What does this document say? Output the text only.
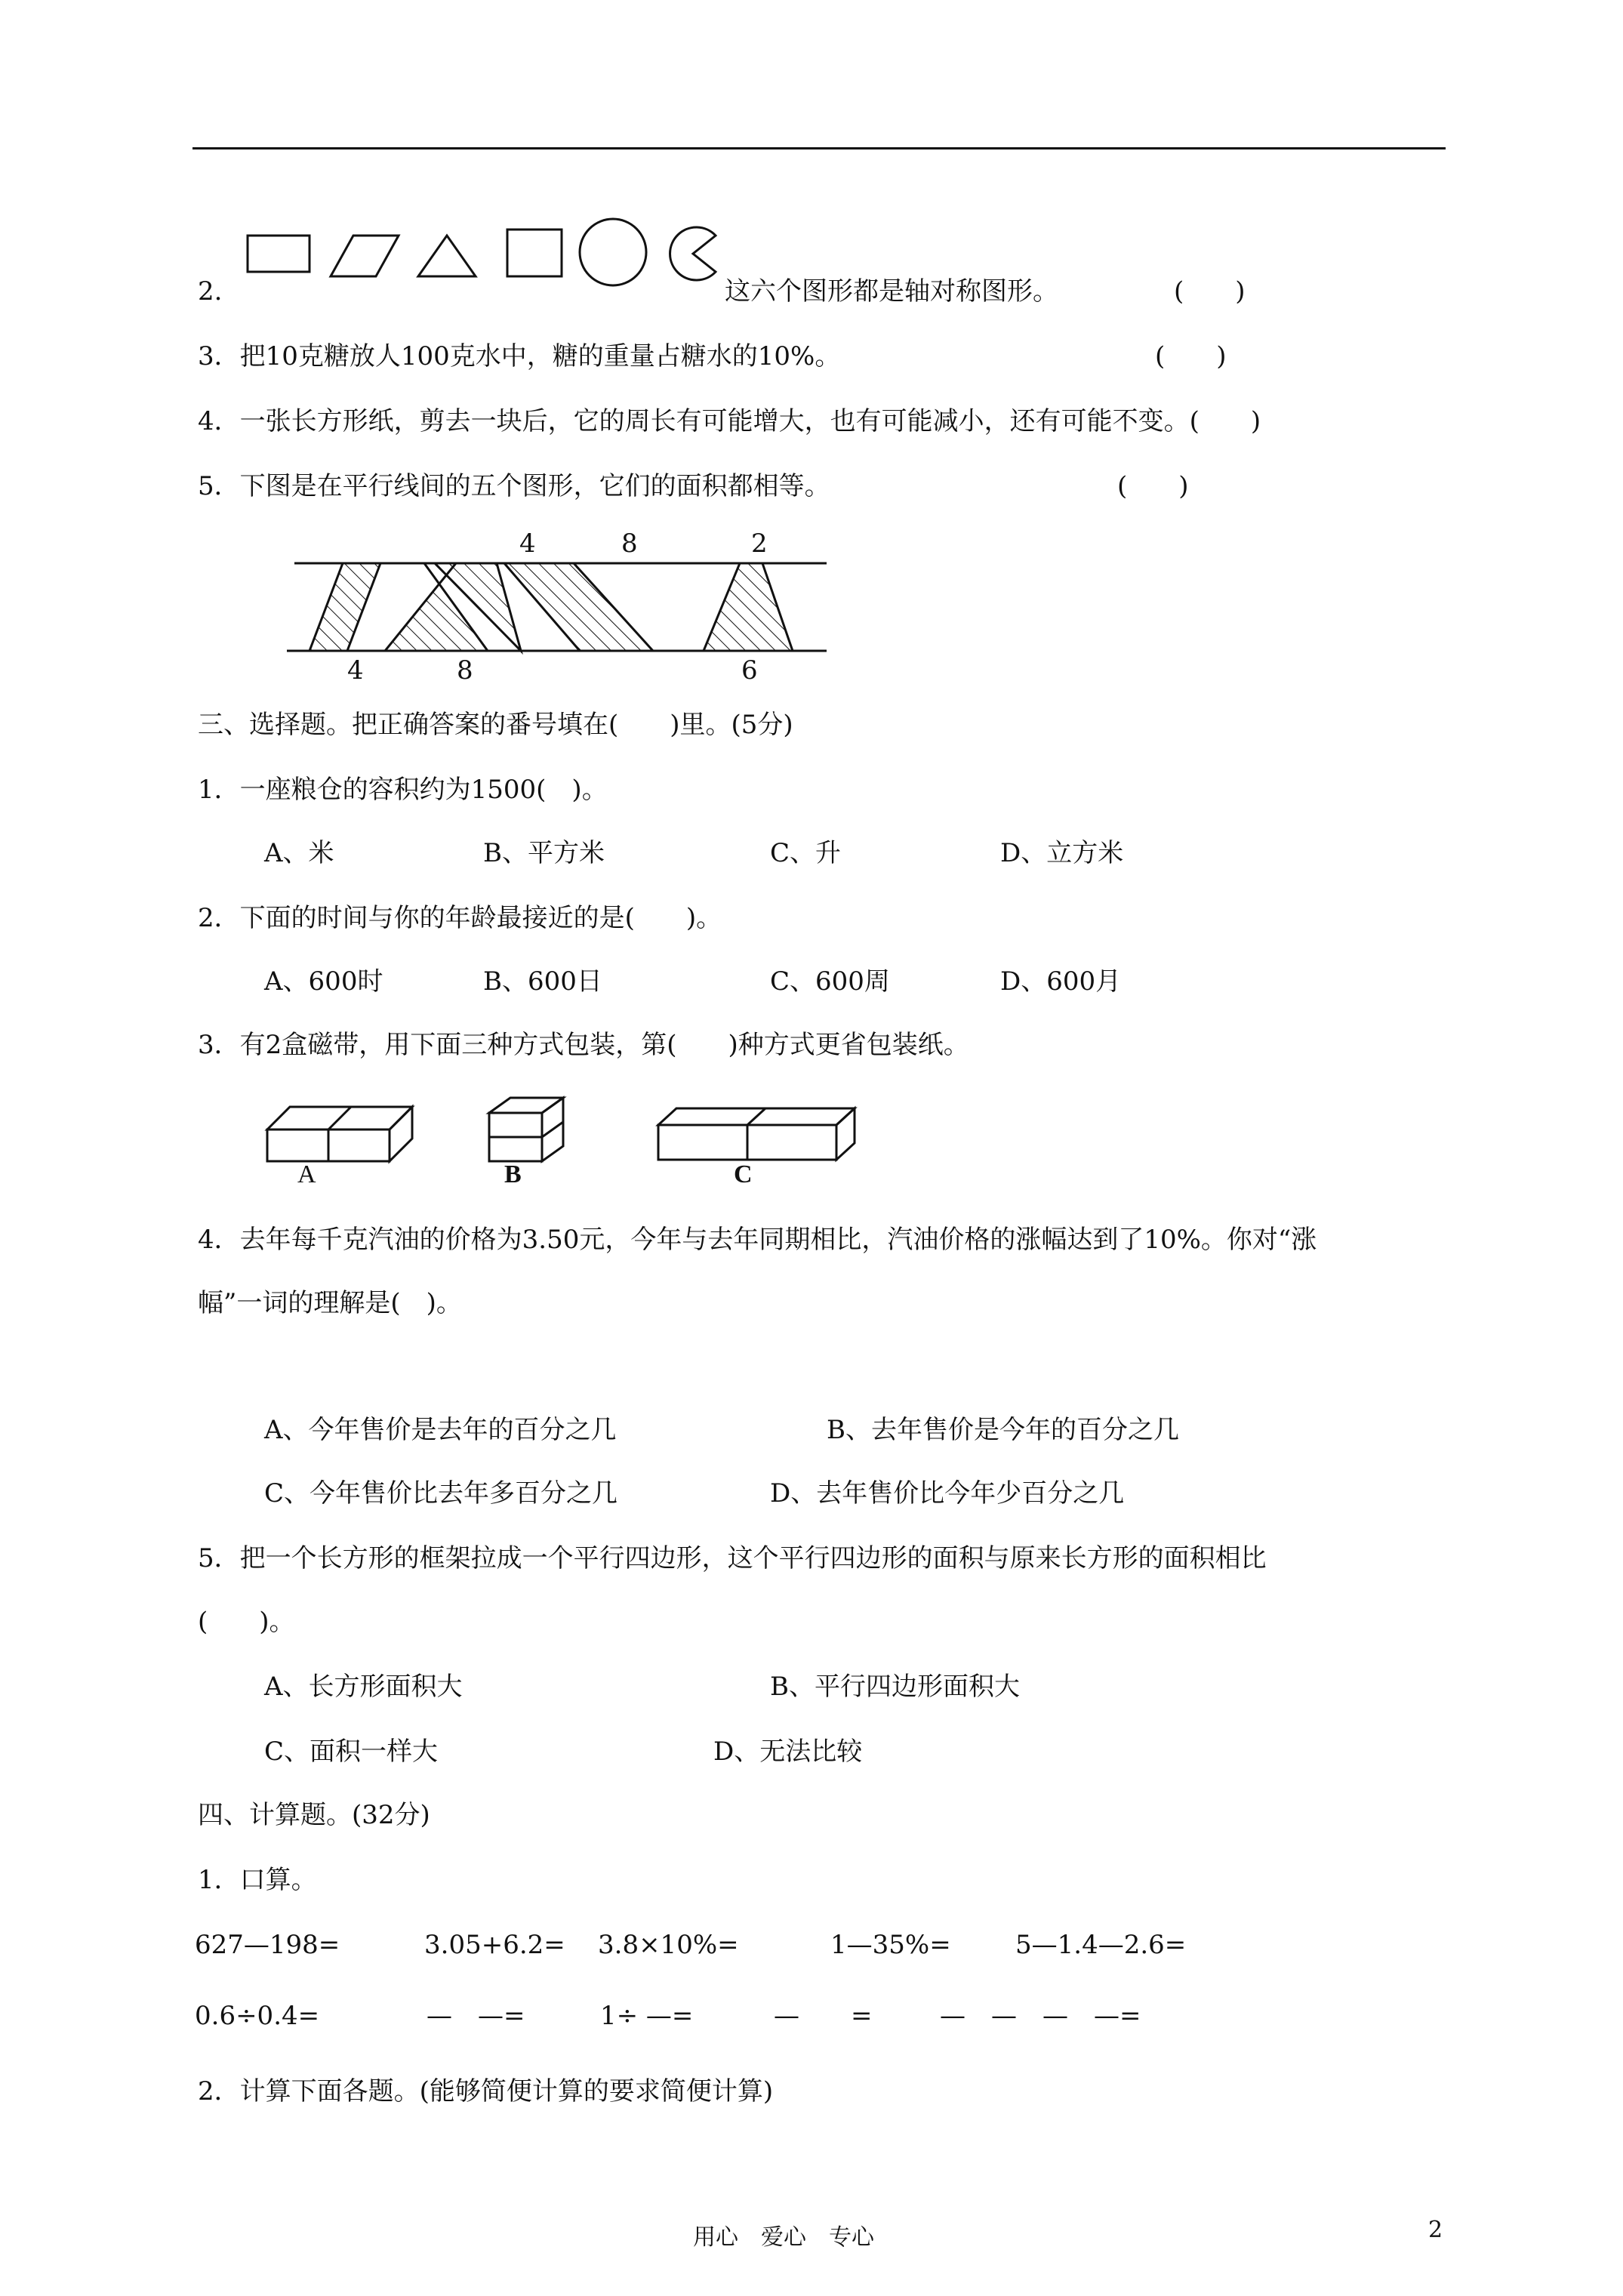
2.	这六个图形都是轴对称图形。	(　　)
3．把10克糖放人100克水中，糖的重量占糖水的10%。	(　　)
4．一张长方形纸，剪去一块后，它的周长有可能增大，也有可能减小，还有可能不变。(　　)
5．下图是在平行线间的五个图形，它们的面积都相等。	(　　)
4	8	2
4	8	6
三、选择题。把正确答案的番号填在(　　)里。(5分)
1．一座粮仓的容积约为1500(　)。
A、米	B、平方米	C、升	D、立方米
2．下面的时间与你的年龄最接近的是(　　)。
A、600时	B、600日	C、600周	D、600月
3．有2盒磁带，用下面三种方式包装，第(　　)种方式更省包装纸。
A	B	C
4．去年每千克汽油的价格为3.50元，今年与去年同期相比，汽油价格的涨幅达到了10%。你对“涨
幅”一词的理解是(　)。
A、今年售价是去年的百分之几	B、去年售价是今年的百分之几
C、今年售价比去年多百分之几	D、去年售价比今年少百分之几
5．把一个长方形的框架拉成一个平行四边形，这个平行四边形的面积与原来长方形的面积相比
(　　)。
A、长方形面积大	B、平行四边形面积大
C、面积一样大	D、无法比较
四、计算题。(32分)
1．口算。
627—198=	3.05+6.2= 3.8×10%=	1—35%=	5—1.4—2.6=
0.6÷0.4=	—　—=	1÷ —=	—　　=	—　—　—　—=
2．计算下面各题。(能够简便计算的要求简便计算)
用心　爱心　专心	2
